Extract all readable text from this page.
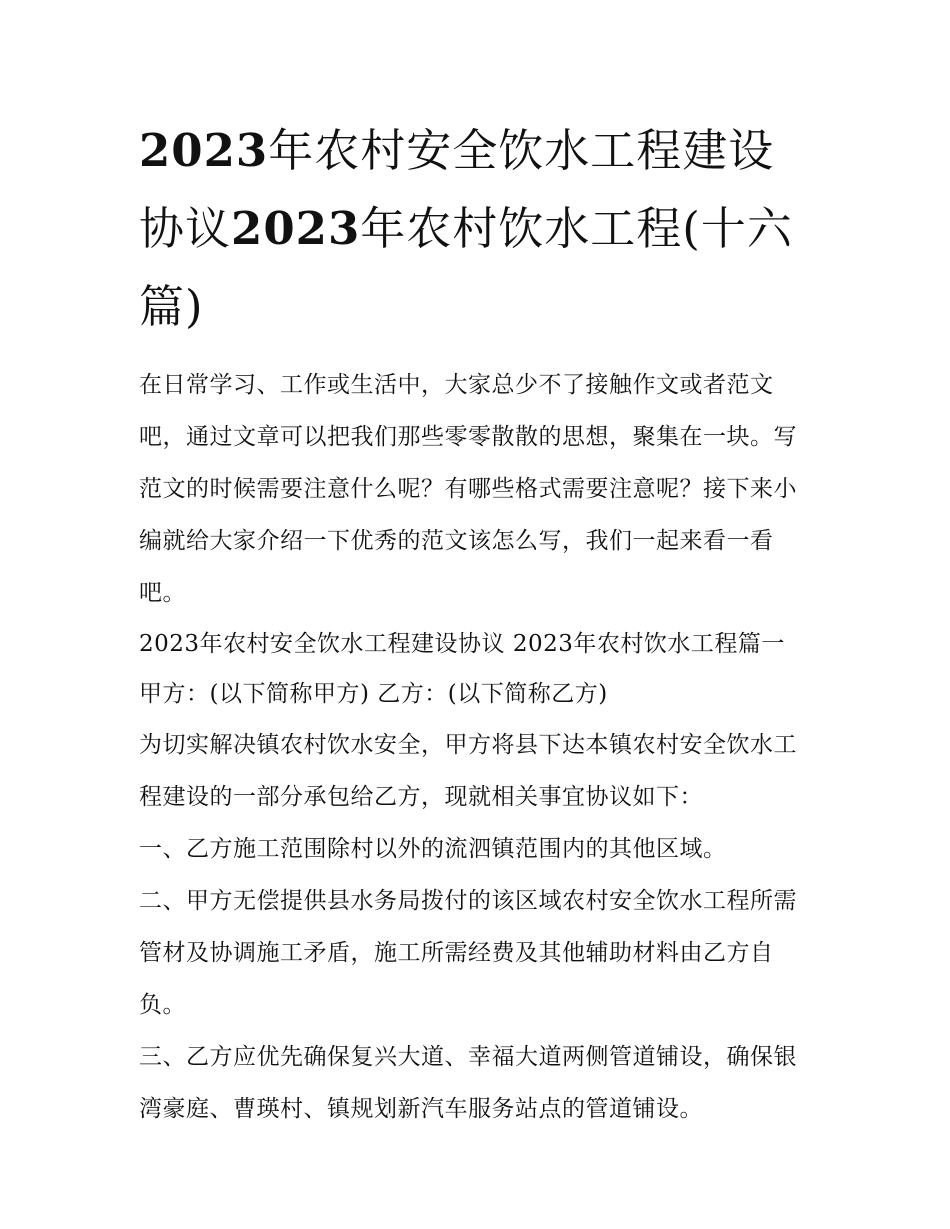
2023年农村安全饮水工程建设协议2023年农村饮水工程(十六篇)

在日常学习、工作或生活中，大家总少不了接触作文或者范文吧，通过文章可以把我们那些零零散散的思想，聚集在一块。写范文的时候需要注意什么呢？有哪些格式需要注意呢？接下来小编就给大家介绍一下优秀的范文该怎么写，我们一起来看一看吧。

2023年农村安全饮水工程建设协议 2023年农村饮水工程篇一

甲方：(以下简称甲方) 乙方：(以下简称乙方)

为切实解决镇农村饮水安全，甲方将县下达本镇农村安全饮水工程建设的一部分承包给乙方，现就相关事宜协议如下：

一、乙方施工范围除村以外的流泗镇范围内的其他区域。

二、甲方无偿提供县水务局拨付的该区域农村安全饮水工程所需管材及协调施工矛盾，施工所需经费及其他辅助材料由乙方自负。

三、乙方应优先确保复兴大道、幸福大道两侧管道铺设，确保银湾豪庭、曹瑛村、镇规划新汽车服务站点的管道铺设。
